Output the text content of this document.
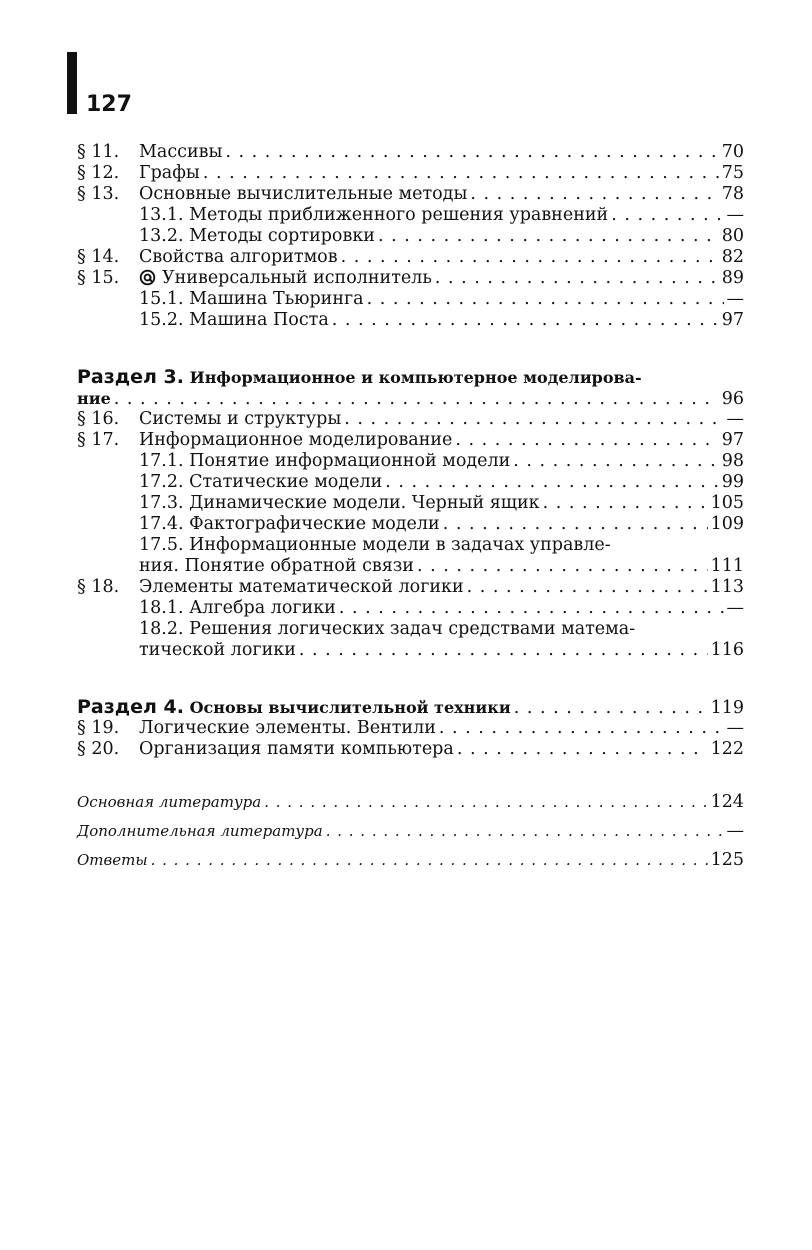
127
§ 11.	Массивы . . .	70
§ 12.	Графы . . .	75
§ 13.	Основные вычислительные методы . . .	78
13.1. Методы приближенного решения уравнений . . .	—
13.2. Методы сортировки . . .	80
§ 14.	Свойства алгоритмов . . .	82
§ 15.	Универсальный исполнитель . . .	89
15.1. Машина Тьюринга . . .	—
15.2. Машина Поста . . .	97
Раздел 3. Информационное и компьютерное моделирова-
ние . . .	96
§ 16.	Системы и структуры . . .	—
§ 17.	Информационное моделирование . . .	97
17.1. Понятие информационной модели . . .	98
17.2. Статические модели . . .	99
17.3. Динамические модели. Черный ящик . . .	105
17.4. Фактографические модели . . .	109
17.5. Информационные модели в задачах управле-
ния. Понятие обратной связи . . .	111
§ 18.	Элементы математической логики . . .	113
18.1. Алгебра логики . . .	—
18.2. Решения логических задач средствами матема-
тической логики . . .	116
Раздел 4. Основы вычислительной техники . . .	119
§ 19.	Логические элементы. Вентили . . .	—
§ 20.	Организация памяти компьютера . . .	122
Основная литература . . .	124
Дополнительная литература . . .	—
Ответы . . .	125
